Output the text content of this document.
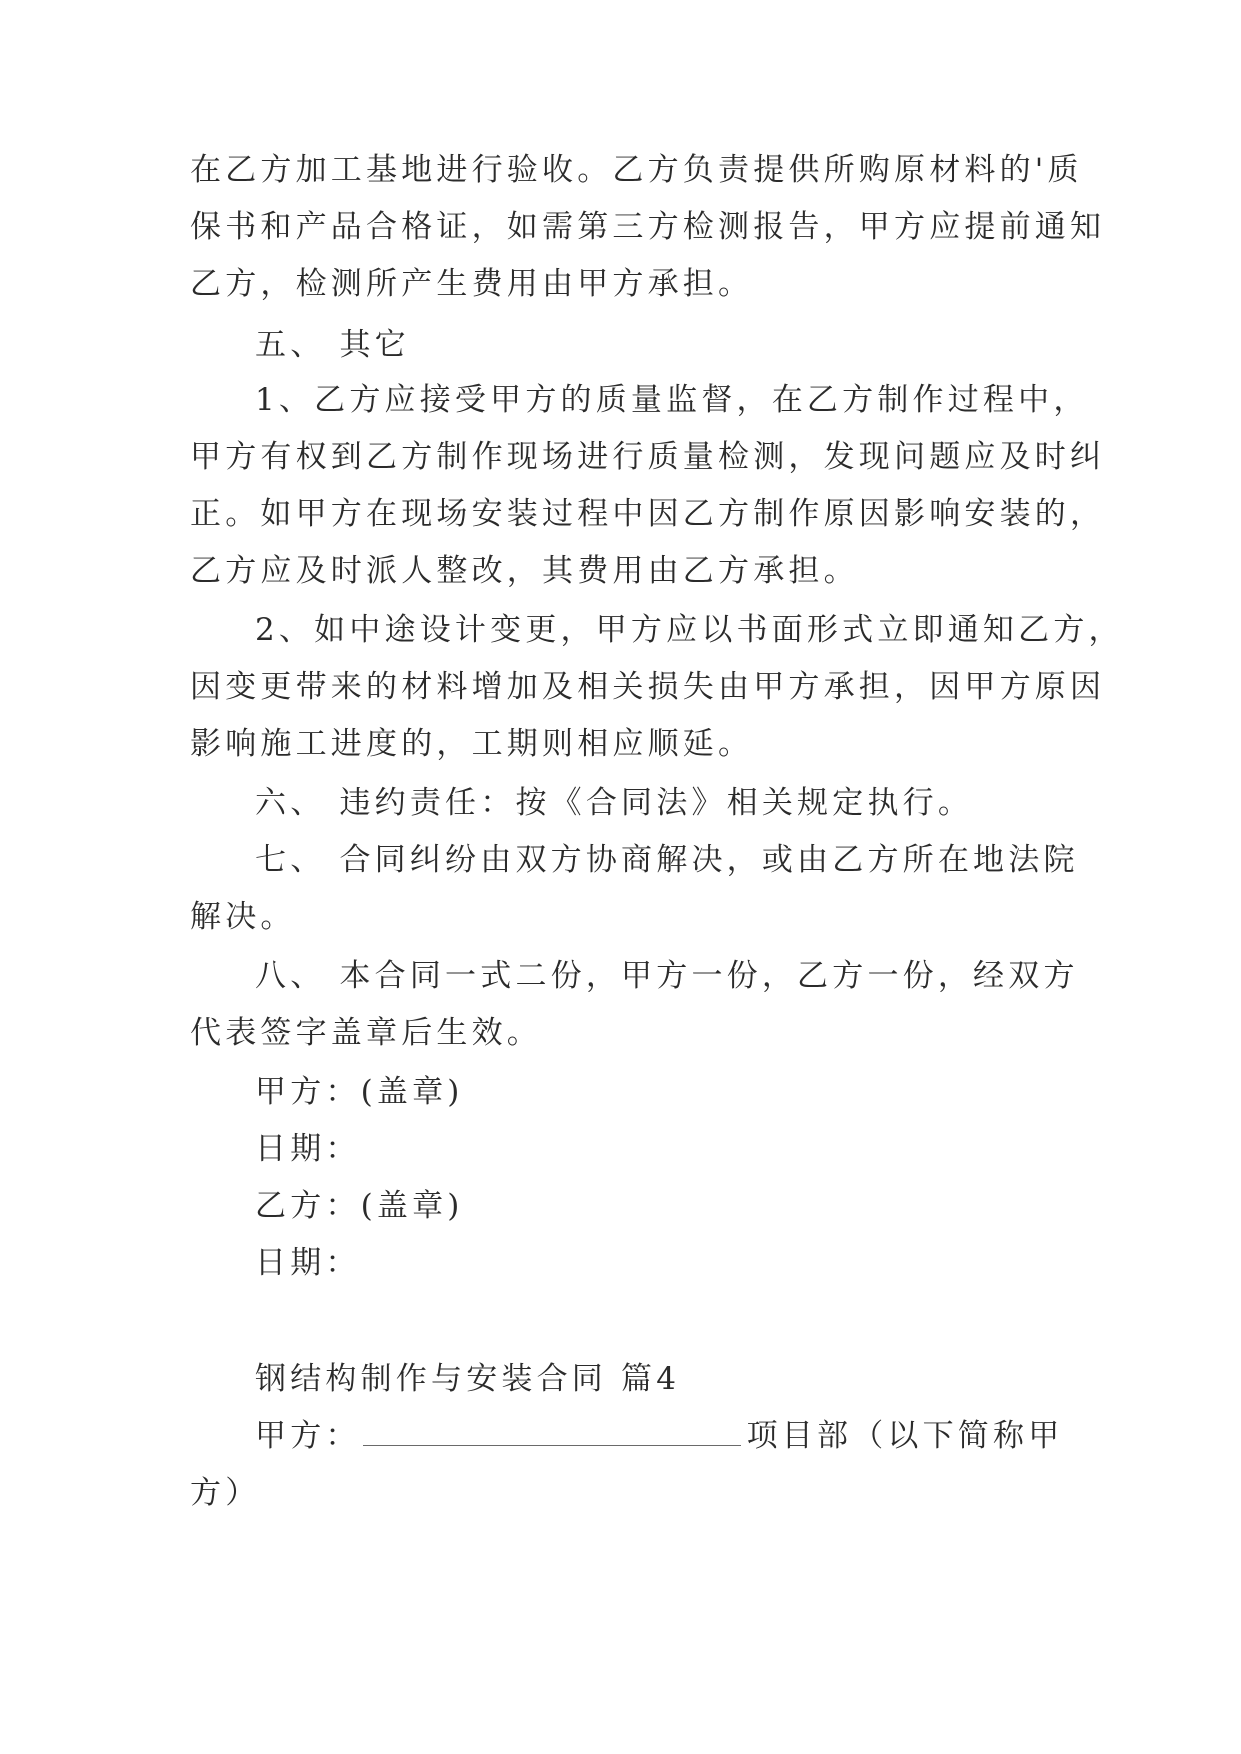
在乙方加工基地进行验收。乙方负责提供所购原材料的'质
保书和产品合格证，如需第三方检测报告，甲方应提前通知
乙方，检测所产生费用由甲方承担。
五、 其它
1、乙方应接受甲方的质量监督，在乙方制作过程中，
甲方有权到乙方制作现场进行质量检测，发现问题应及时纠
正。如甲方在现场安装过程中因乙方制作原因影响安装的，
乙方应及时派人整改，其费用由乙方承担。
2、如中途设计变更，甲方应以书面形式立即通知乙方，
因变更带来的材料增加及相关损失由甲方承担，因甲方原因
影响施工进度的，工期则相应顺延。
六、 违约责任：按《合同法》相关规定执行。
七、 合同纠纷由双方协商解决，或由乙方所在地法院
解决。
八、 本合同一式二份，甲方一份，乙方一份，经双方
代表签字盖章后生效。
甲方：(盖章)
日期：
乙方：(盖章)
日期：
钢结构制作与安装合同 篇4
甲方：	项目部（以下简称甲
方）
